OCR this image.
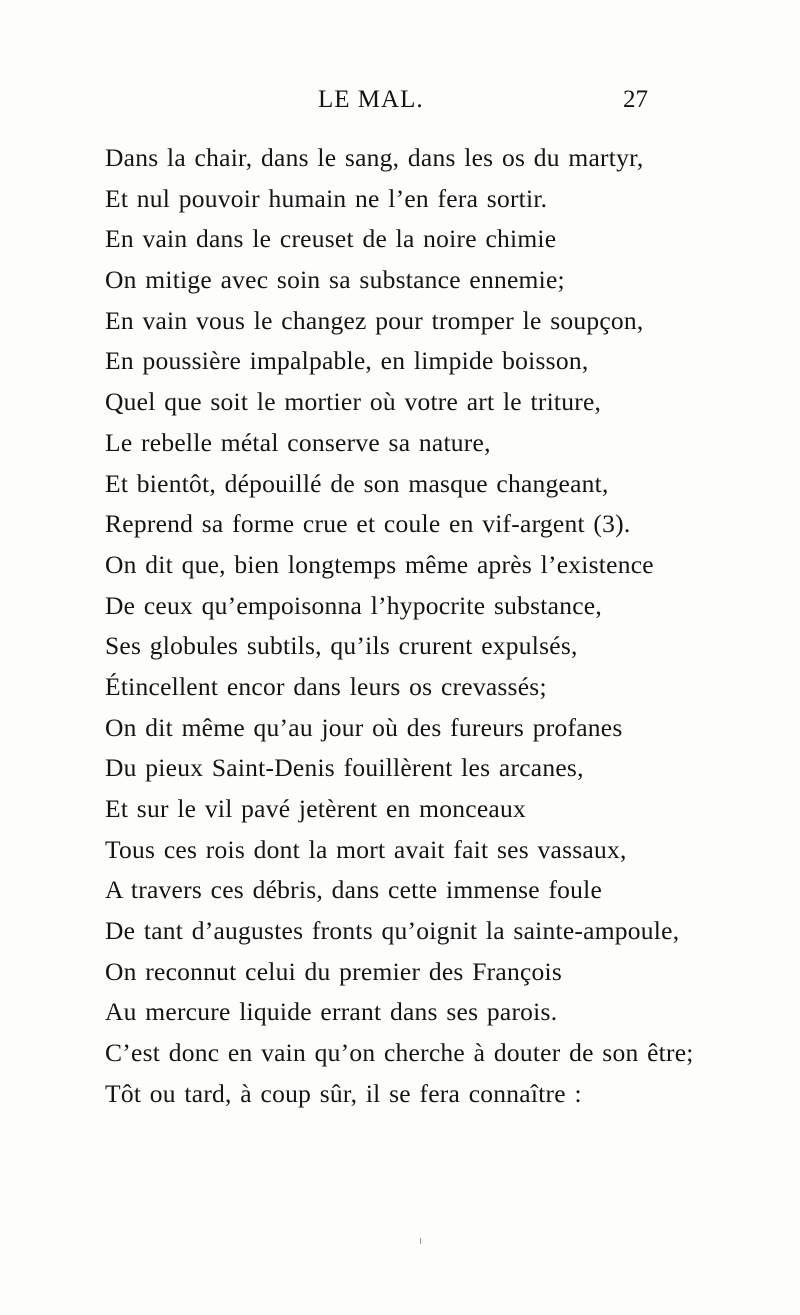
LE MAL.	27
Dans la chair, dans le sang, dans les os du martyr,
Et nul pouvoir humain ne l’en fera sortir.
En vain dans le creuset de la noire chimie
On mitige avec soin sa substance ennemie;
En vain vous le changez pour tromper le soupçon,
En poussière impalpable, en limpide boisson,
Quel que soit le mortier où votre art le triture,
Le rebelle métal conserve sa nature,
Et bientôt, dépouillé de son masque changeant,
Reprend sa forme crue et coule en vif-argent (3).
On dit que, bien longtemps même après l’existence
De ceux qu’empoisonna l’hypocrite substance,
Ses globules subtils, qu’ils crurent expulsés,
Étincellent encor dans leurs os crevassés;
On dit même qu’au jour où des fureurs profanes
Du pieux Saint-Denis fouillèrent les arcanes,
Et sur le vil pavé jetèrent en monceaux
Tous ces rois dont la mort avait fait ses vassaux,
A travers ces débris, dans cette immense foule
De tant d’augustes fronts qu’oignit la sainte-ampoule,
On reconnut celui du premier des François
Au mercure liquide errant dans ses parois.
C’est donc en vain qu’on cherche à douter de son être;
Tôt ou tard, à coup sûr, il se fera connaître :
